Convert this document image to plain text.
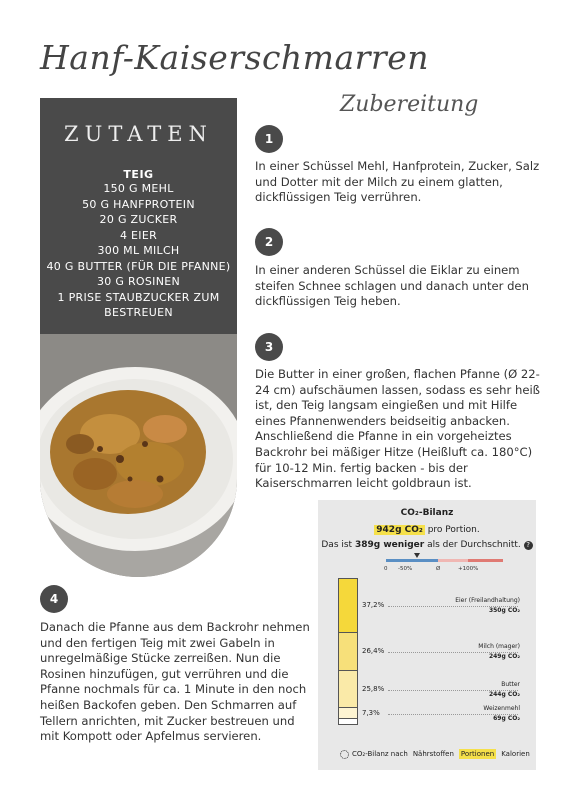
Hanf-Kaiserschmarren
Zubereitung
ZUTATEN
TEIG
150 G MEHL
50 G HANFPROTEIN
20 G ZUCKER
4 EIER
300 ML MILCH
40 G BUTTER (FÜR DIE PFANNE)
30 G ROSINEN
1 PRISE STAUBZUCKER ZUM
BESTREUEN
1
In einer Schüssel Mehl, Hanfprotein, Zucker, Salz und Dotter mit der Milch zu einem glatten, dickflüssigen Teig verrühren.
2
In einer anderen Schüssel die Eiklar zu einem steifen Schnee schlagen und danach unter den dickflüssigen Teig heben.
3
Die Butter in einer großen, flachen Pfanne (Ø 22-24 cm) aufschäumen lassen, sodass es sehr heiß ist, den Teig langsam eingießen und mit Hilfe eines Pfannenwenders beidseitig anbacken. Anschließend die Pfanne in ein vorgeheiztes Backrohr bei mäßiger Hitze (Heißluft ca. 180°C) für 10-12 Min. fertig backen - bis der Kaiserschmarren leicht goldbraun ist.
4
Danach die Pfanne aus dem Backrohr nehmen und den fertigen Teig mit zwei Gabeln in unregelmäßige Stücke zerreißen. Nun die Rosinen hinzufügen, gut verrühren und die Pfanne nochmals für ca. 1 Minute in den noch heißen Backofen geben. Den Schmarren auf Tellern anrichten, mit Zucker bestreuen und mit Kompott oder Apfelmus servieren.
CO₂-Bilanz
942g CO₂ pro Portion.
Das ist 389g weniger als der Durchschnitt. ?
0 -50%	Ø	+100%
37,2%
Eier (Freilandhaltung)
350g CO₂
26,4%
Milch (mager)
249g CO₂
25,8%
Butter
244g CO₂
7,3%
Weizenmehl
69g CO₂
CO₂-Bilanz nach Nährstoffen Portionen Kalorien
